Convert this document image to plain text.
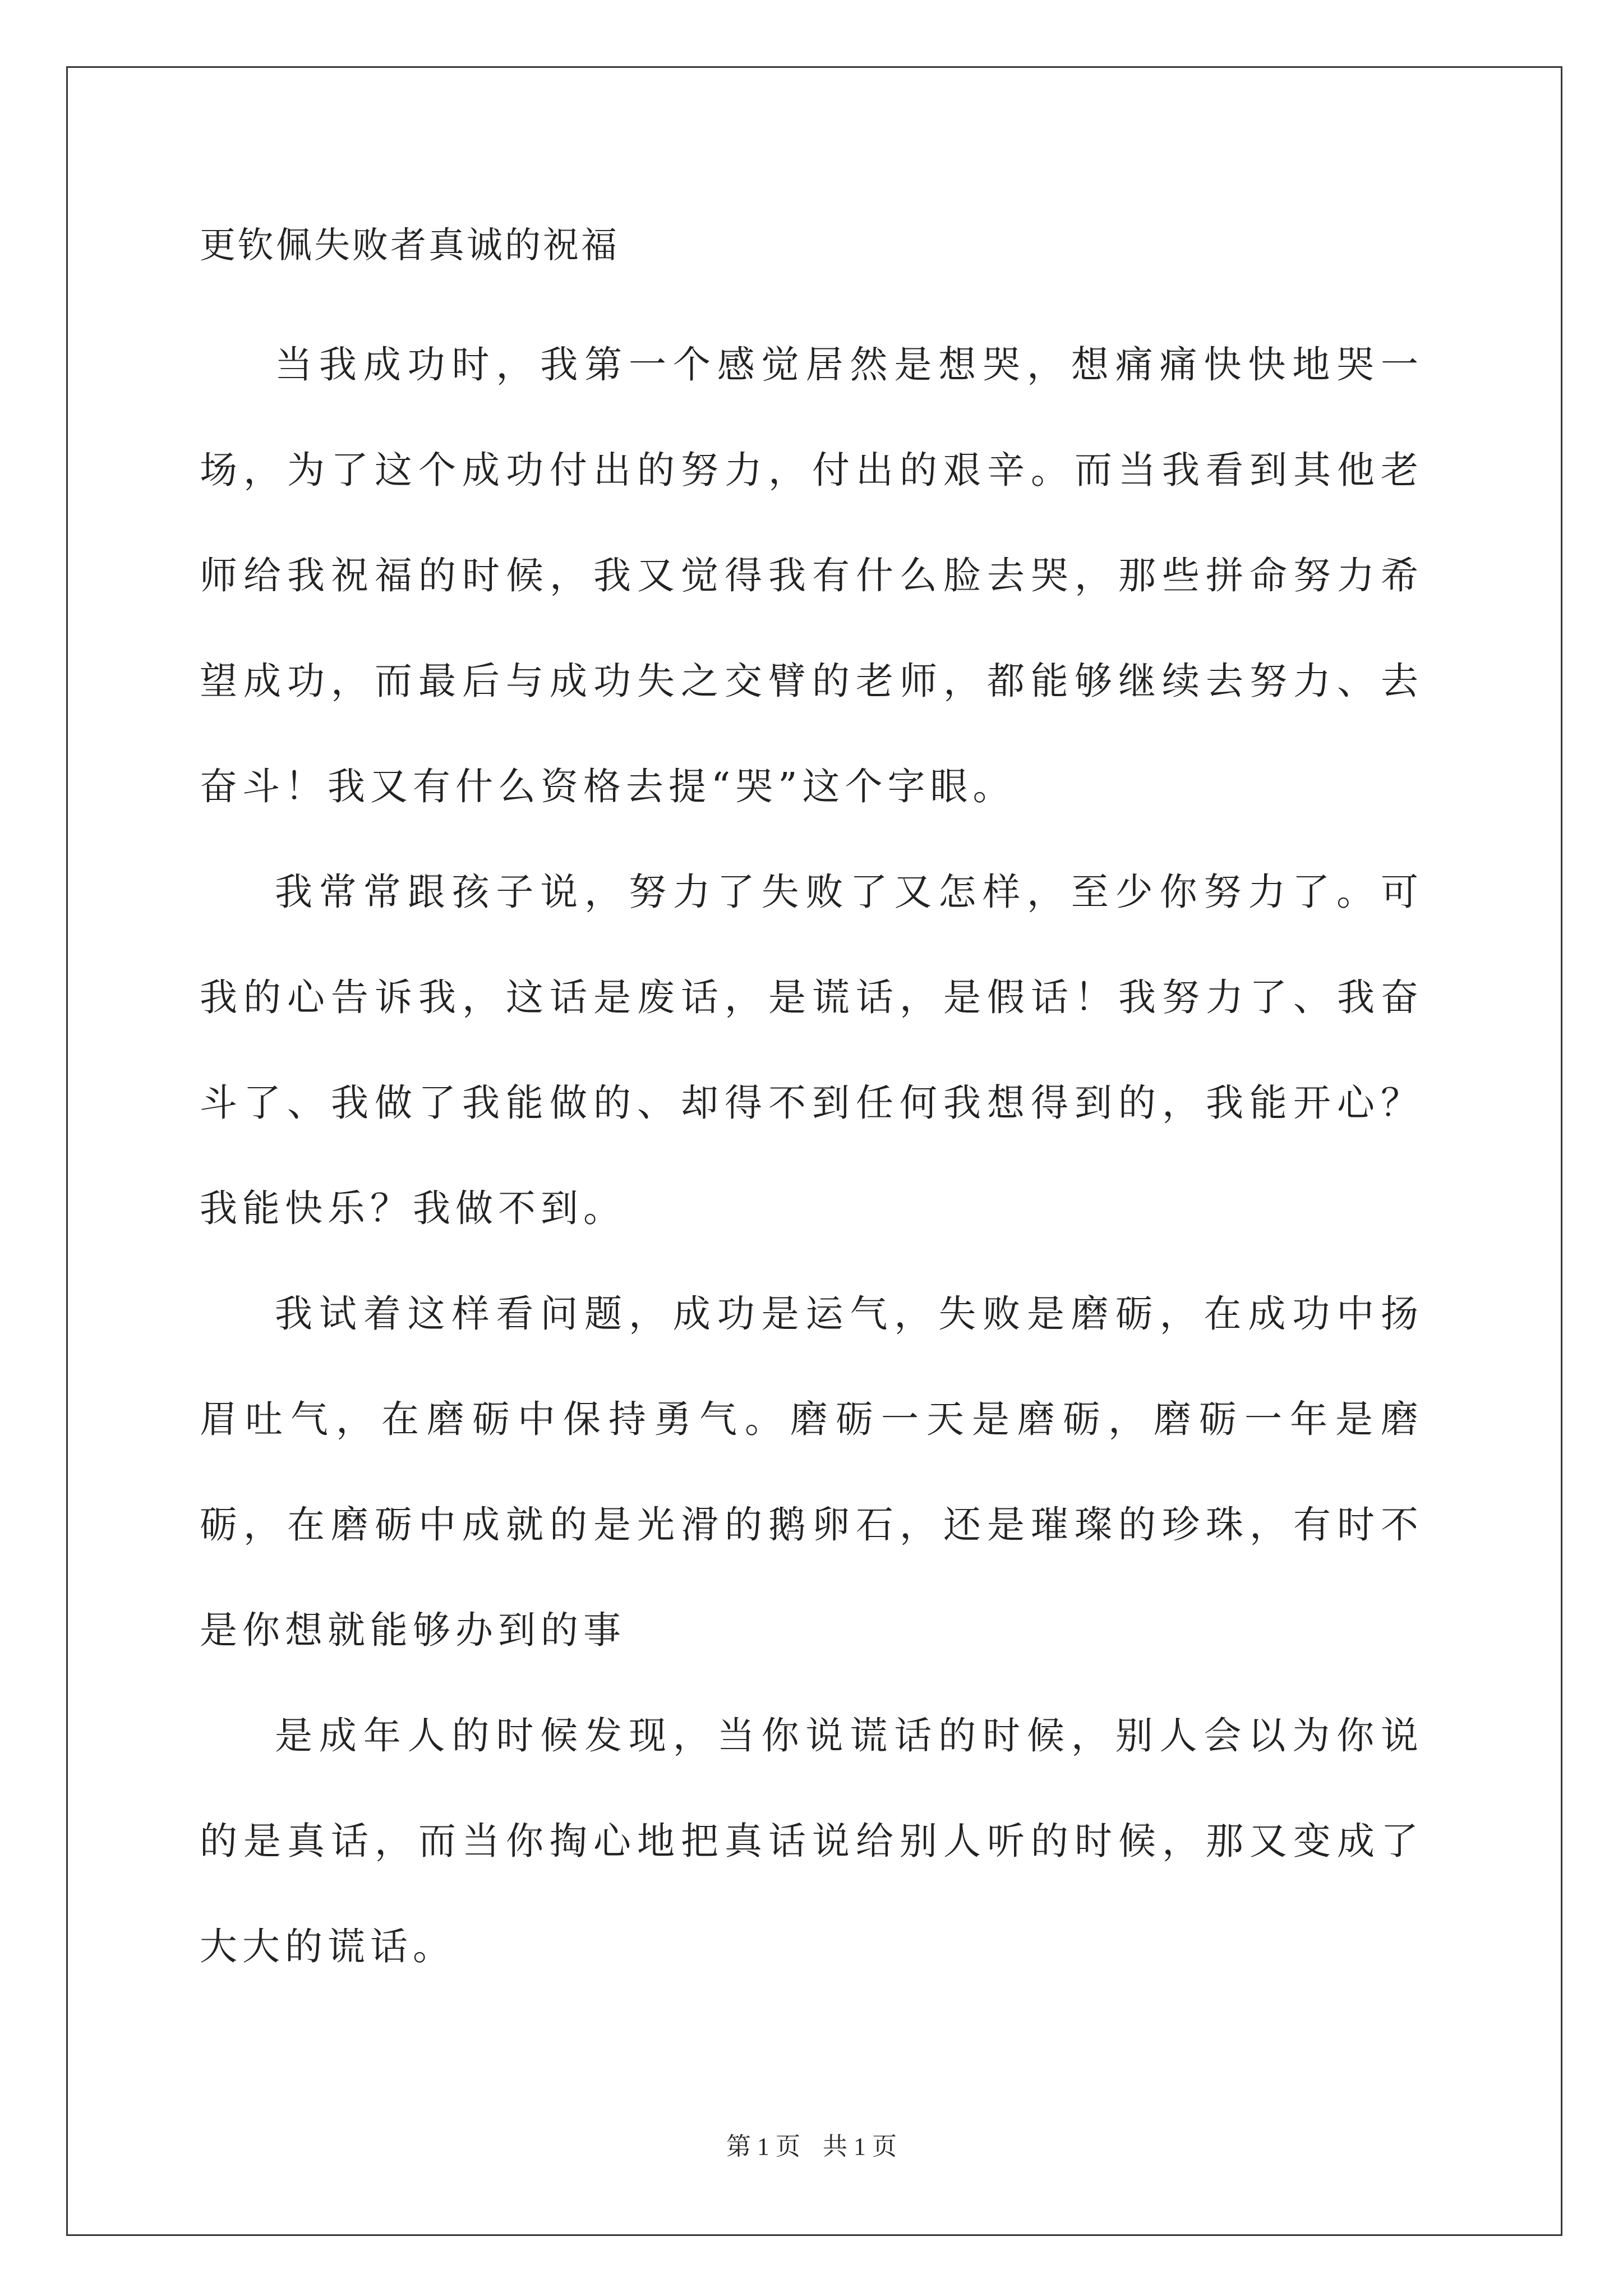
更钦佩失败者真诚的祝福

当我成功时，我第一个感觉居然是想哭，想痛痛快快地哭一场，为了这个成功付出的努力，付出的艰辛。而当我看到其他老师给我祝福的时候，我又觉得我有什么脸去哭，那些拼命努力希望成功，而最后与成功失之交臂的老师，都能够继续去努力、去奋斗！我又有什么资格去提“哭”这个字眼。

我常常跟孩子说，努力了失败了又怎样，至少你努力了。可我的心告诉我，这话是废话，是谎话，是假话！我努力了、我奋斗了、我做了我能做的、却得不到任何我想得到的，我能开心？我能快乐？我做不到。

我试着这样看问题，成功是运气，失败是磨砺，在成功中扬眉吐气，在磨砺中保持勇气。磨砺一天是磨砺，磨砺一年是磨砺，在磨砺中成就的是光滑的鹅卵石，还是璀璨的珍珠，有时不是你想就能够办到的事

是成年人的时候发现，当你说谎话的时候，别人会以为你说的是真话，而当你掏心地把真话说给别人听的时候，那又变成了大大的谎话。

第 1 页 共 1 页
